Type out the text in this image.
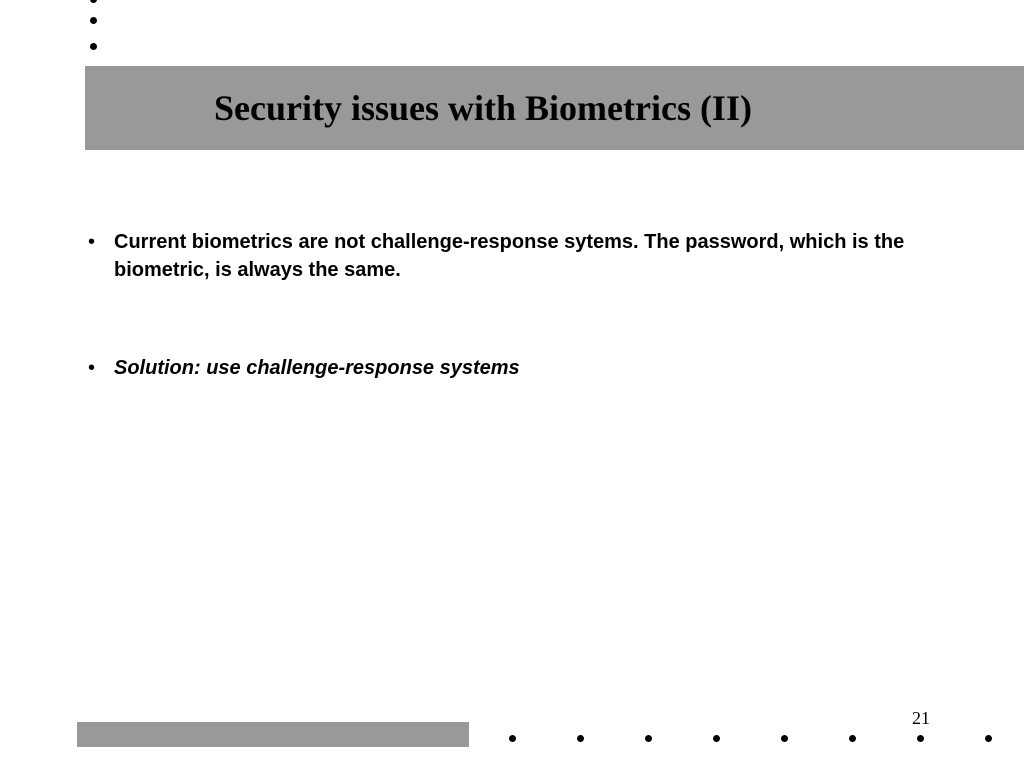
Security issues with Biometrics (II)
• Current biometrics are not challenge-response sytems. The password, which is the biometric, is always the same.
• Solution: use challenge-response systems
21
